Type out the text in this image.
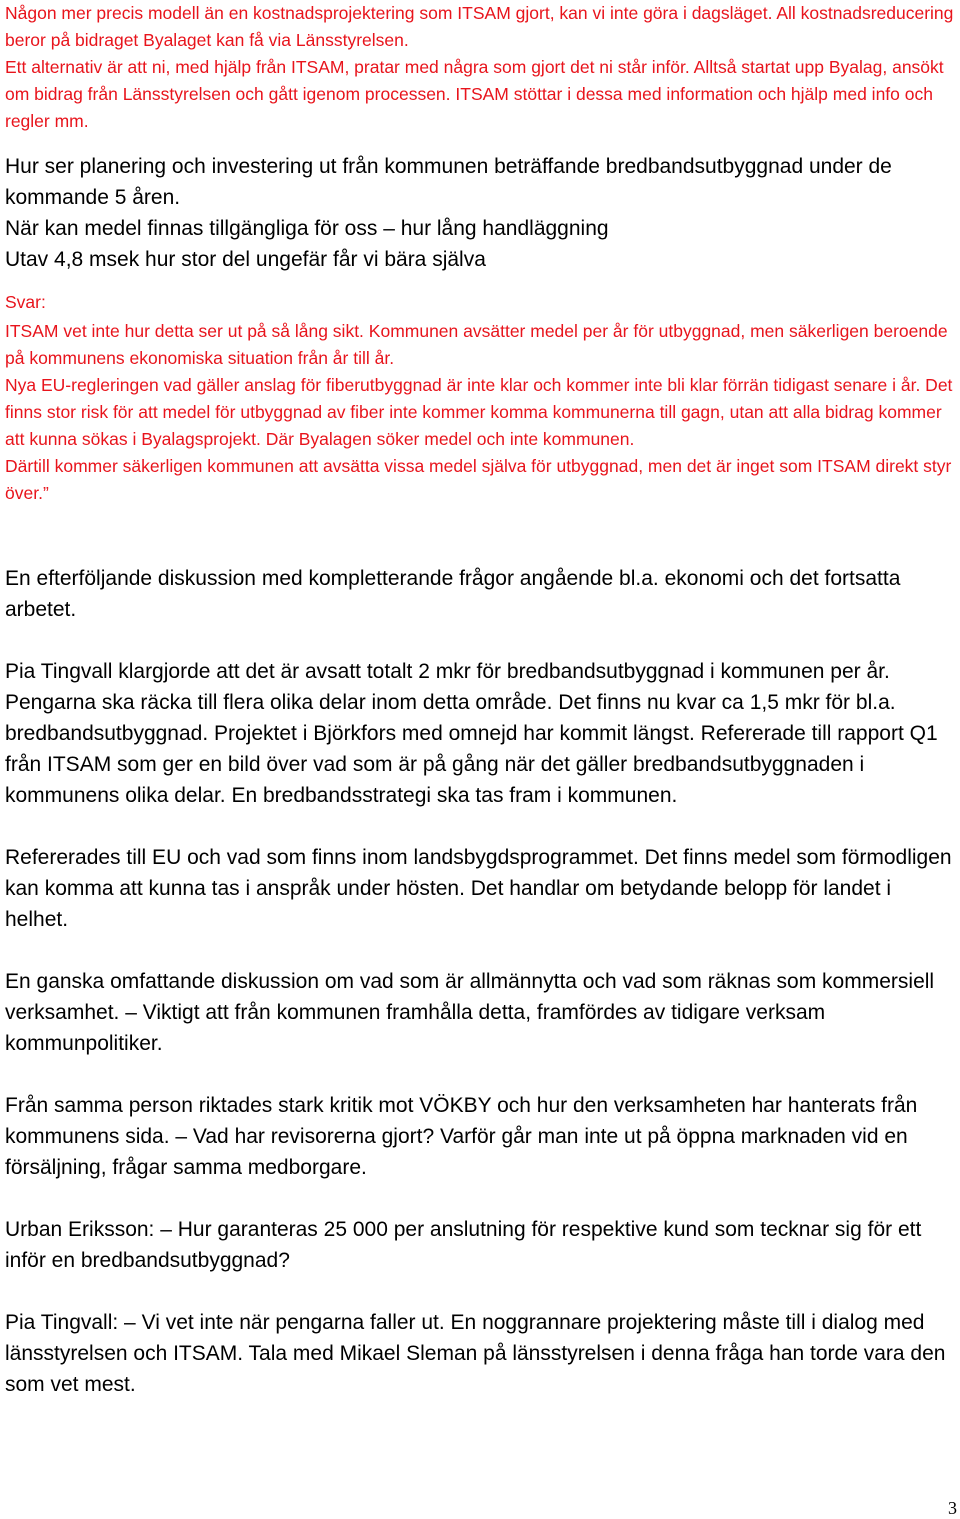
Någon mer precis modell än en kostnadsprojektering som ITSAM gjort, kan vi inte göra i dagsläget. All kostnadsreducering beror på bidraget Byalaget kan få via Länsstyrelsen.

Ett alternativ är att ni, med hjälp från ITSAM, pratar med några som gjort det ni står inför. Alltså startat upp Byalag, ansökt om bidrag från Länsstyrelsen och gått igenom processen. ITSAM stöttar i dessa med information och hjälp med info och regler mm.

Hur ser planering och investering ut från kommunen beträffande bredbandsutbyggnad under de kommande 5 åren.

När kan medel finnas tillgängliga för oss – hur lång handläggning

Utav 4,8 msek hur stor del ungefär får vi bära själva

Svar:

ITSAM vet inte hur detta ser ut på så lång sikt. Kommunen avsätter medel per år för utbyggnad, men säkerligen beroende på kommunens ekonomiska situation från år till år.

Nya EU-regleringen vad gäller anslag för fiberutbyggnad är inte klar och kommer inte bli klar förrän tidigast senare i år. Det finns stor risk för att medel för utbyggnad av fiber inte kommer komma kommunerna till gagn, utan att alla bidrag kommer att kunna sökas i Byalagsprojekt. Där Byalagen söker medel och inte kommunen.

Därtill kommer säkerligen kommunen att avsätta vissa medel själva för utbyggnad, men det är inget som ITSAM direkt styr över.”

En efterföljande diskussion med kompletterande frågor angående bl.a. ekonomi och det fortsatta arbetet.

Pia Tingvall klargjorde att det är avsatt totalt 2 mkr för bredbandsutbyggnad i kommunen per år. Pengarna ska räcka till flera olika delar inom detta område. Det finns nu kvar ca 1,5 mkr för bl.a. bredbandsutbyggnad. Projektet i Björkfors med omnejd har kommit längst. Refererade till rapport Q1 från ITSAM som ger en bild över vad som är på gång när det gäller bredbandsutbyggnaden i kommunens olika delar. En bredbandsstrategi ska tas fram i kommunen.

Refererades till EU och vad som finns inom landsbygdsprogrammet. Det finns medel som förmodligen kan komma att kunna tas i anspråk under hösten. Det handlar om betydande belopp för landet i helhet.

En ganska omfattande diskussion om vad som är allmännytta och vad som räknas som kommersiell verksamhet. – Viktigt att från kommunen framhålla detta, framfördes av tidigare verksam kommunpolitiker.

Från samma person riktades stark kritik mot VÖKBY och hur den verksamheten har hanterats från kommunens sida. – Vad har revisorerna gjort? Varför går man inte ut på öppna marknaden vid en försäljning, frågar samma medborgare.

Urban Eriksson: – Hur garanteras 25 000 per anslutning för respektive kund som tecknar sig för ett inför en bredbandsutbyggnad?

Pia Tingvall: – Vi vet inte när pengarna faller ut. En noggrannare projektering måste till i dialog med länsstyrelsen och ITSAM. Tala med Mikael Sleman på länsstyrelsen i denna fråga han torde vara den som vet mest.

3
